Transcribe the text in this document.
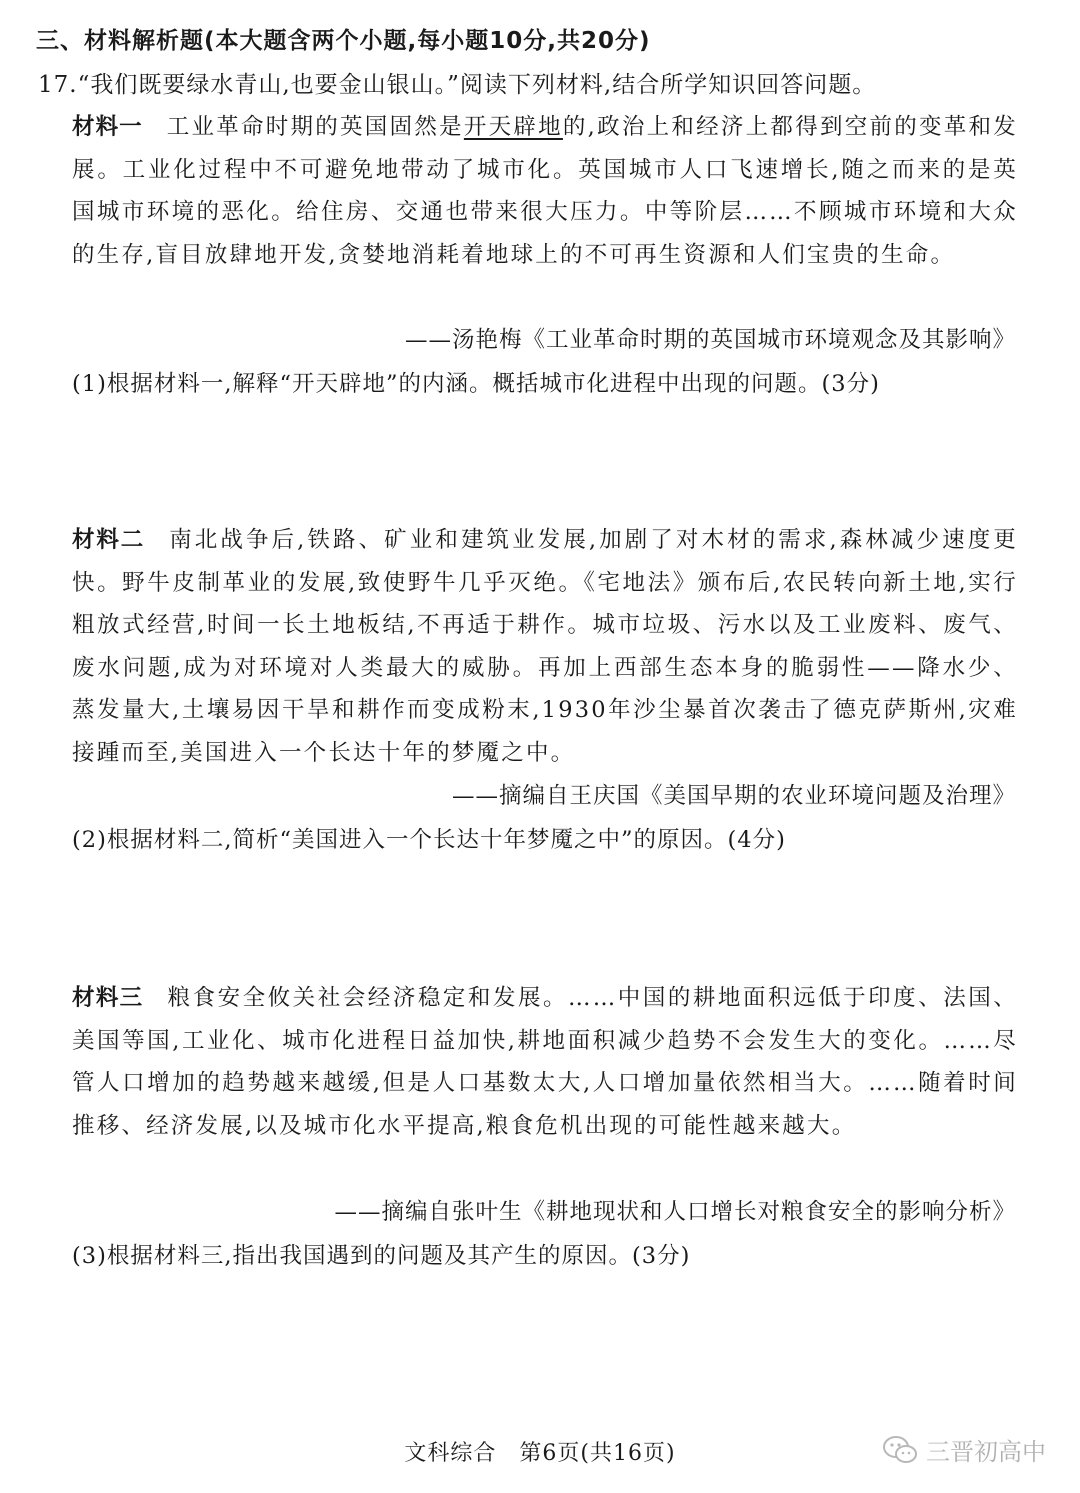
三、材料解析题(本大题含两个小题,每小题10分,共20分)
17.“我们既要绿水青山,也要金山银山。”阅读下列材料,结合所学知识回答问题。
材料一 工业革命时期的英国固然是开天辟地的,政治上和经济上都得到空前的变革和发展。工业化过程中不可避免地带动了城市化。英国城市人口飞速增长,随之而来的是英国城市环境的恶化。给住房、交通也带来很大压力。中等阶层……不顾城市环境和大众的生存,盲目放肆地开发,贪婪地消耗着地球上的不可再生资源和人们宝贵的生命。
——汤艳梅《工业革命时期的英国城市环境观念及其影响》
(1)根据材料一,解释“开天辟地”的内涵。概括城市化进程中出现的问题。(3分)
材料二 南北战争后,铁路、矿业和建筑业发展,加剧了对木材的需求,森林减少速度更快。野牛皮制革业的发展,致使野牛几乎灭绝。《宅地法》颁布后,农民转向新土地,实行粗放式经营,时间一长土地板结,不再适于耕作。城市垃圾、污水以及工业废料、废气、废水问题,成为对环境对人类最大的威胁。再加上西部生态本身的脆弱性——降水少、蒸发量大,土壤易因干旱和耕作而变成粉末,1930年沙尘暴首次袭击了德克萨斯州,灾难接踵而至,美国进入一个长达十年的梦魇之中。
——摘编自王庆国《美国早期的农业环境问题及治理》
(2)根据材料二,简析“美国进入一个长达十年梦魇之中”的原因。(4分)
材料三 粮食安全攸关社会经济稳定和发展。……中国的耕地面积远低于印度、法国、美国等国,工业化、城市化进程日益加快,耕地面积减少趋势不会发生大的变化。……尽管人口增加的趋势越来越缓,但是人口基数太大,人口增加量依然相当大。……随着时间推移、经济发展,以及城市化水平提高,粮食危机出现的可能性越来越大。
——摘编自张叶生《耕地现状和人口增长对粮食安全的影响分析》
(3)根据材料三,指出我国遇到的问题及其产生的原因。(3分)
文科综合　第6页(共16页)	三晋初高中
